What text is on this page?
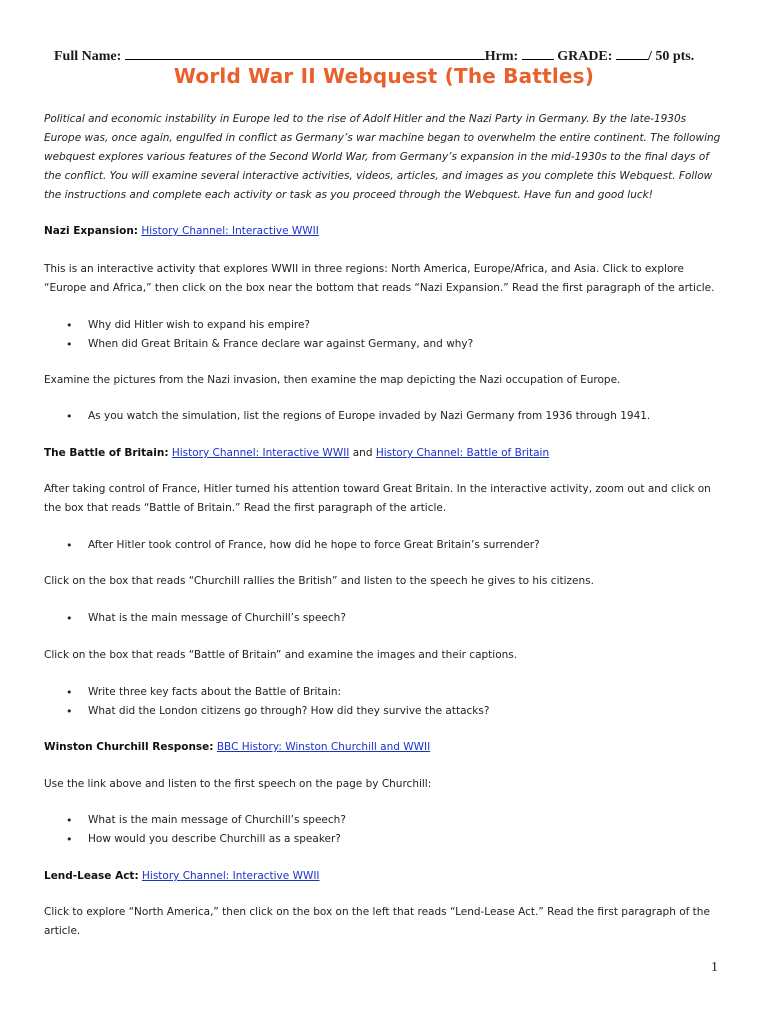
Full Name:	Hrm:	GRADE:	/ 50 pts.
World War II Webquest (The Battles)
Political and economic instability in Europe led to the rise of Adolf Hitler and the Nazi Party in Germany. By the late-1930s Europe was, once again, engulfed in conflict as Germany’s war machine began to overwhelm the entire continent. The following webquest explores various features of the Second World War, from Germany’s expansion in the mid-1930s to the final days of the conflict. You will examine several interactive activities, videos, articles, and images as you complete this Webquest. Follow the instructions and complete each activity or task as you proceed through the Webquest. Have fun and good luck!
Nazi Expansion: History Channel: Interactive WWII
This is an interactive activity that explores WWII in three regions: North America, Europe/Africa, and Asia. Click to explore “Europe and Africa,” then click on the box near the bottom that reads “Nazi Expansion.” Read the first paragraph of the article.
• Why did Hitler wish to expand his empire?
• When did Great Britain & France declare war against Germany, and why?
Examine the pictures from the Nazi invasion, then examine the map depicting the Nazi occupation of Europe.
• As you watch the simulation, list the regions of Europe invaded by Nazi Germany from 1936 through 1941.
The Battle of Britain: History Channel: Interactive WWII and History Channel: Battle of Britain
After taking control of France, Hitler turned his attention toward Great Britain. In the interactive activity, zoom out and click on the box that reads “Battle of Britain.” Read the first paragraph of the article.
• After Hitler took control of France, how did he hope to force Great Britain’s surrender?
Click on the box that reads “Churchill rallies the British” and listen to the speech he gives to his citizens.
• What is the main message of Churchill’s speech?
Click on the box that reads “Battle of Britain” and examine the images and their captions.
• Write three key facts about the Battle of Britain:
• What did the London citizens go through? How did they survive the attacks?
Winston Churchill Response: BBC History: Winston Churchill and WWII
Use the link above and listen to the first speech on the page by Churchill:
• What is the main message of Churchill’s speech?
• How would you describe Churchill as a speaker?
Lend-Lease Act: History Channel: Interactive WWII
Click to explore “North America,” then click on the box on the left that reads “Lend-Lease Act.” Read the first paragraph of the article.
1
